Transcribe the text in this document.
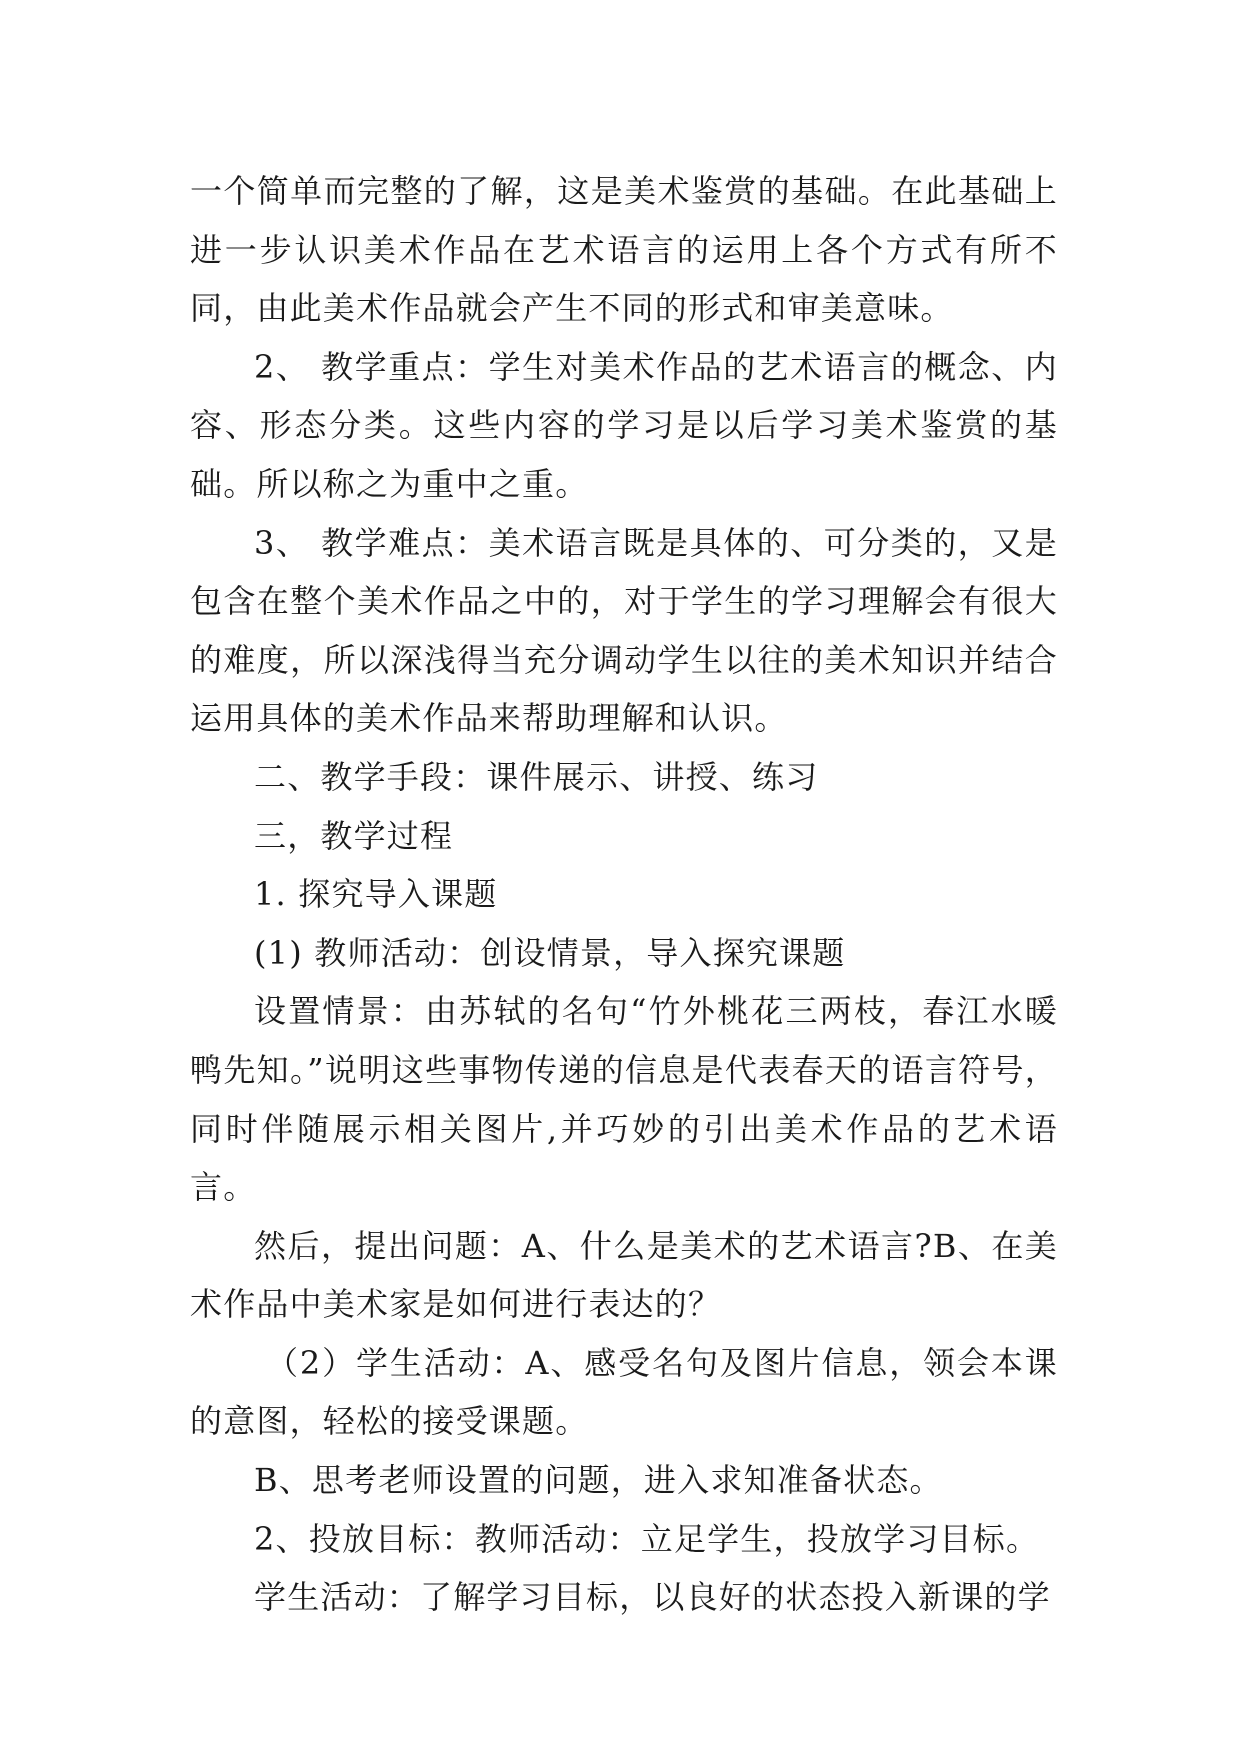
一个简单而完整的了解，这是美术鉴赏的基础。在此基础上进一步认识美术作品在艺术语言的运用上各个方式有所不同，由此美术作品就会产生不同的形式和审美意味。

2、 教学重点：学生对美术作品的艺术语言的概念、内容、形态分类。这些内容的学习是以后学习美术鉴赏的基础。所以称之为重中之重。

3、 教学难点：美术语言既是具体的、可分类的，又是包含在整个美术作品之中的，对于学生的学习理解会有很大的难度，所以深浅得当充分调动学生以往的美术知识并结合运用具体的美术作品来帮助理解和认识。

二、教学手段：课件展示、讲授、练习

三，教学过程

1. 探究导入课题

(1) 教师活动：创设情景，导入探究课题

设置情景：由苏轼的名句“竹外桃花三两枝，春江水暖鸭先知。”说明这些事物传递的信息是代表春天的语言符号，同时伴随展示相关图片,并巧妙的引出美术作品的艺术语言。

然后，提出问题：A、什么是美术的艺术语言?B、在美术作品中美术家是如何进行表达的？

（2）学生活动：A、感受名句及图片信息，领会本课的意图，轻松的接受课题。

B、思考老师设置的问题，进入求知准备状态。

2、投放目标：教师活动：立足学生，投放学习目标。

学生活动：了解学习目标，以良好的状态投入新课的学
